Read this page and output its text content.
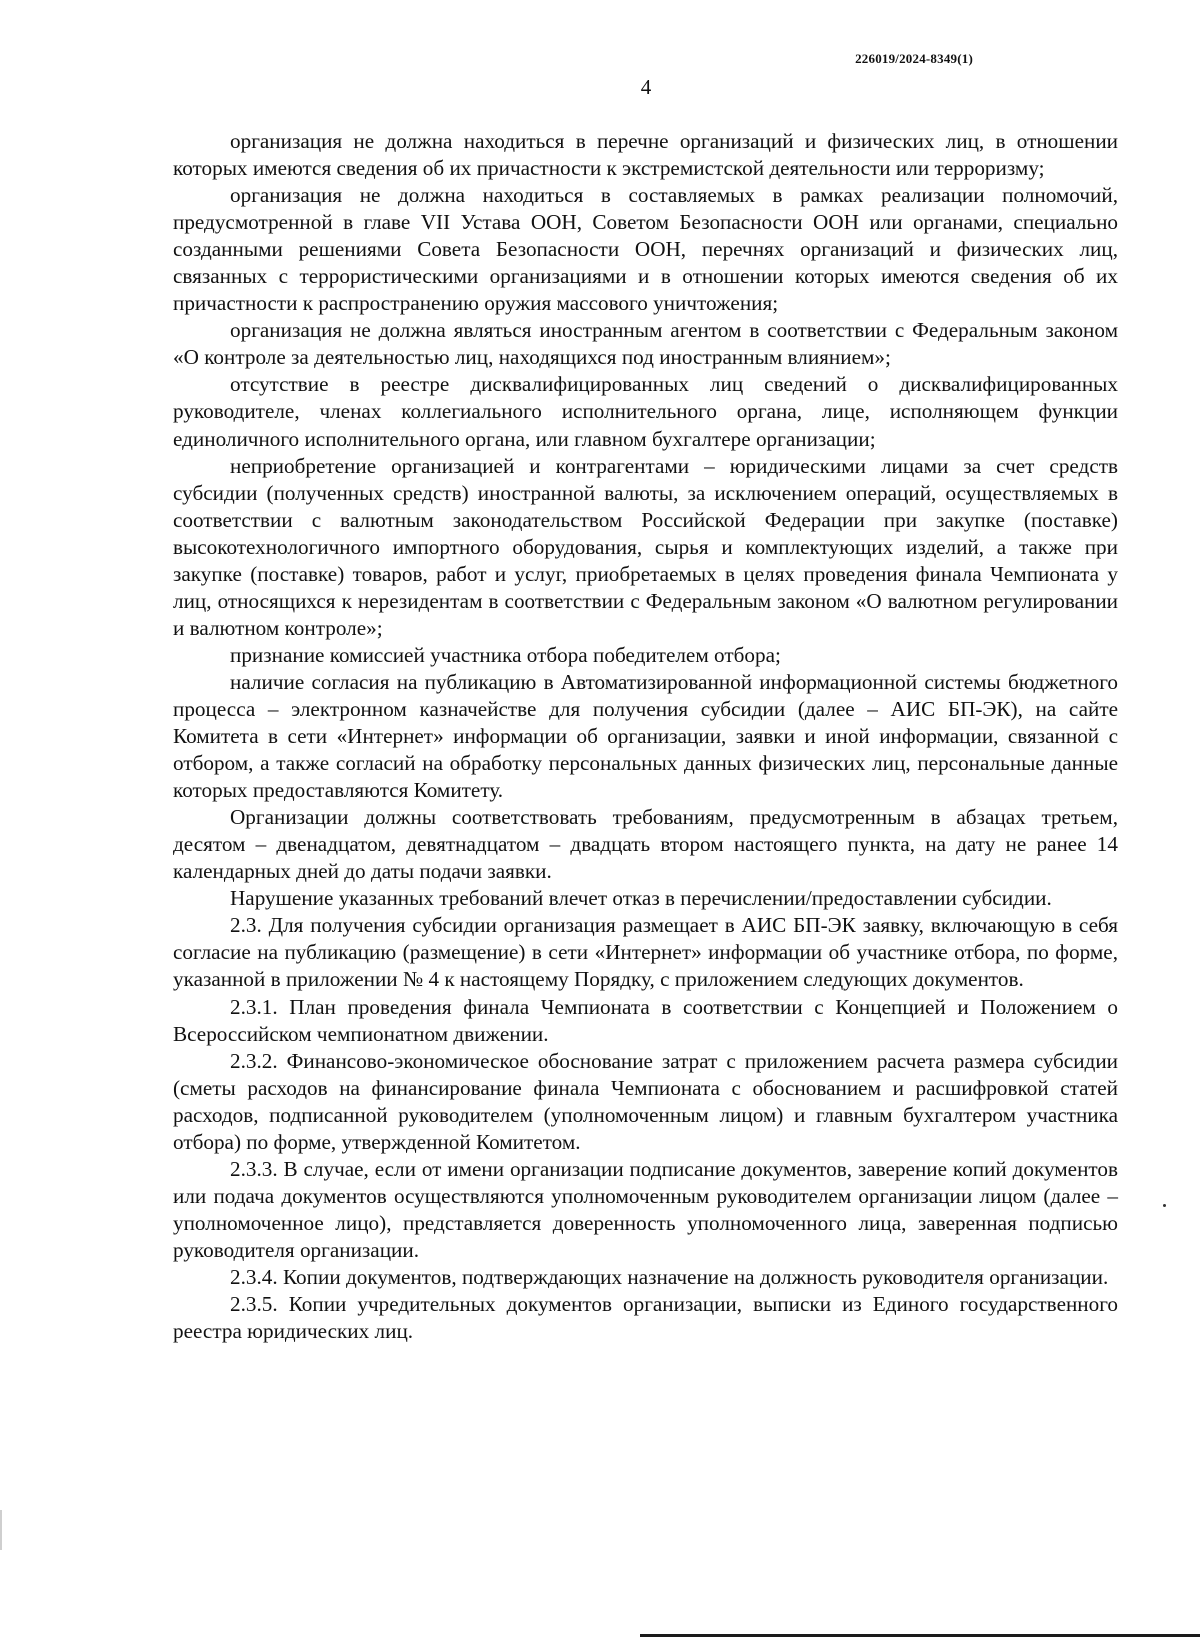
226019/2024-8349(1)
4

организация не должна находиться в перечне организаций и физических лиц, в отношении которых имеются сведения об их причастности к экстремистской деятельности или терроризму;

организация не должна находиться в составляемых в рамках реализации полномочий, предусмотренной в главе VII Устава ООН, Советом Безопасности ООН или органами, специально созданными решениями Совета Безопасности ООН, перечнях организаций и физических лиц, связанных с террористическими организациями и в отношении которых имеются сведения об их причастности к распространению оружия массового уничтожения;

организация не должна являться иностранным агентом в соответствии с Федеральным законом «О контроле за деятельностью лиц, находящихся под иностранным влиянием»;

отсутствие в реестре дисквалифицированных лиц сведений о дисквалифицированных руководителе, членах коллегиального исполнительного органа, лице, исполняющем функции единоличного исполнительного органа, или главном бухгалтере организации;

неприобретение организацией и контрагентами – юридическими лицами за счет средств субсидии (полученных средств) иностранной валюты, за исключением операций, осуществляемых в соответствии с валютным законодательством Российской Федерации при закупке (поставке) высокотехнологичного импортного оборудования, сырья и комплектующих изделий, а также при закупке (поставке) товаров, работ и услуг, приобретаемых в целях проведения финала Чемпионата у лиц, относящихся к нерезидентам в соответствии с Федеральным законом «О валютном регулировании и валютном контроле»;

признание комиссией участника отбора победителем отбора;

наличие согласия на публикацию в Автоматизированной информационной системы бюджетного процесса – электронном казначействе для получения субсидии (далее – АИС БП-ЭК), на сайте Комитета в сети «Интернет» информации об организации, заявки и иной информации, связанной с отбором, а также согласий на обработку персональных данных физических лиц, персональные данные которых предоставляются Комитету.

Организации должны соответствовать требованиям, предусмотренным в абзацах третьем, десятом – двенадцатом, девятнадцатом – двадцать втором настоящего пункта, на дату не ранее 14 календарных дней до даты подачи заявки.

Нарушение указанных требований влечет отказ в перечислении/предоставлении субсидии.

2.3. Для получения субсидии организация размещает в АИС БП-ЭК заявку, включающую в себя согласие на публикацию (размещение) в сети «Интернет» информации об участнике отбора, по форме, указанной в приложении № 4 к настоящему Порядку, с приложением следующих документов.

2.3.1. План проведения финала Чемпионата в соответствии с Концепцией и Положением о Всероссийском чемпионатном движении.

2.3.2. Финансово-экономическое обоснование затрат с приложением расчета размера субсидии (сметы расходов на финансирование финала Чемпионата с обоснованием и расшифровкой статей расходов, подписанной руководителем (уполномоченным лицом) и главным бухгалтером участника отбора) по форме, утвержденной Комитетом.

2.3.3. В случае, если от имени организации подписание документов, заверение копий документов или подача документов осуществляются уполномоченным руководителем организации лицом (далее – уполномоченное лицо), представляется доверенность уполномоченного лица, заверенная подписью руководителя организации.

2.3.4. Копии документов, подтверждающих назначение на должность руководителя организации.

2.3.5. Копии учредительных документов организации, выписки из Единого государственного реестра юридических лиц.
